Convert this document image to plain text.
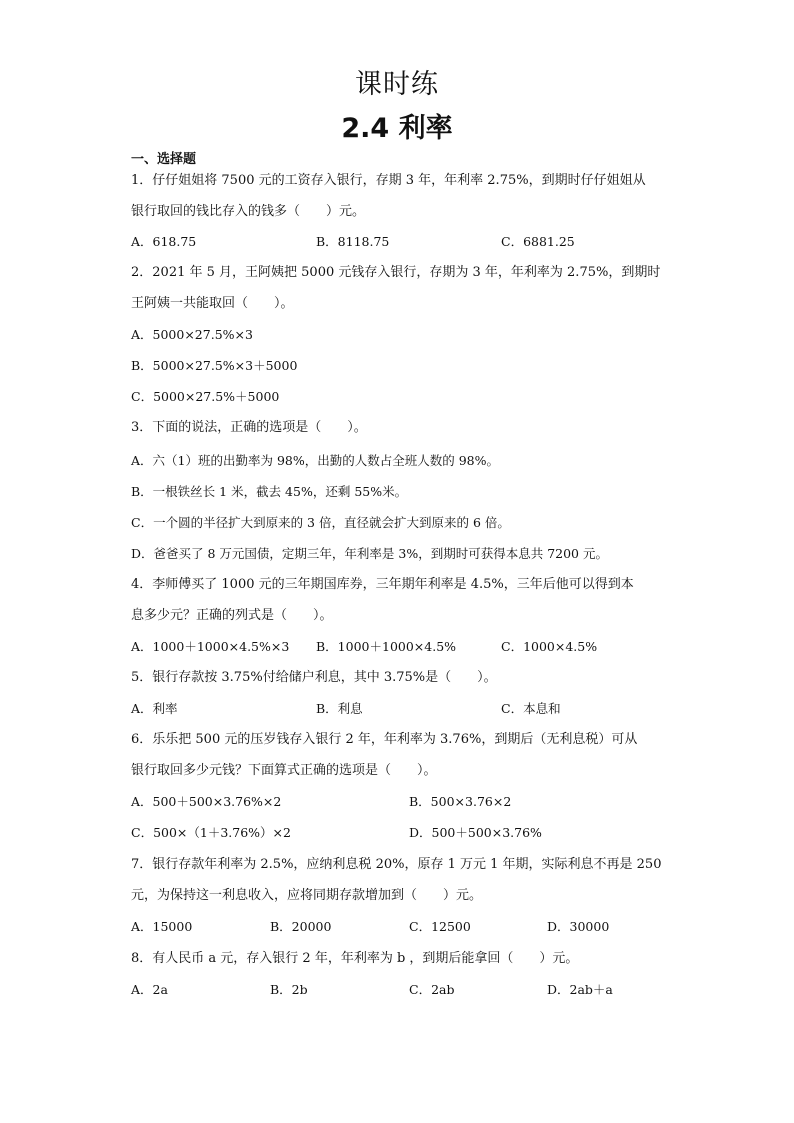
课时练
2.4 利率
一、选择题
1．仔仔姐姐将 7500 元的工资存入银行，存期 3 年，年利率 2.75%，到期时仔仔姐姐从
银行取回的钱比存入的钱多（　　）元。
A．618.75	B．8118.75	C．6881.25
2．2021 年 5 月，王阿姨把 5000 元钱存入银行，存期为 3 年，年利率为 2.75%，到期时
王阿姨一共能取回（　　）。
A．5000×27.5%×3
B．5000×27.5%×3＋5000
C．5000×27.5%＋5000
3．下面的说法，正确的选项是（　　）。
A．六（1）班的出勤率为 98%，出勤的人数占全班人数的 98%。
B．一根铁丝长 1 米，截去 45%，还剩 55%米。
C．一个圆的半径扩大到原来的 3 倍，直径就会扩大到原来的 6 倍。
D．爸爸买了 8 万元国债，定期三年，年利率是 3%，到期时可获得本息共 7200 元。
4．李师傅买了 1000 元的三年期国库券，三年期年利率是 4.5%，三年后他可以得到本
息多少元？正确的列式是（　　）。
A．1000＋1000×4.5%×3 B．1000＋1000×4.5%	C．1000×4.5%
5．银行存款按 3.75%付给储户利息，其中 3.75%是（　　）。
A．利率	B．利息	C．本息和
6．乐乐把 500 元的压岁钱存入银行 2 年，年利率为 3.76%，到期后（无利息税）可从
银行取回多少元钱？下面算式正确的选项是（　　）。
A．500＋500×3.76%×2	B．500×3.76×2
C．500×（1＋3.76%）×2	D．500＋500×3.76%
7．银行存款年利率为 2.5%，应纳利息税 20%，原存 1 万元 1 年期，实际利息不再是 250
元，为保持这一利息收入，应将同期存款增加到（　　）元。
A．15000	B．20000	C．12500	D．30000
8．有人民币 a 元，存入银行 2 年，年利率为 b ，到期后能拿回（　　）元。
A．2a	B．2b	C．2ab	D．2ab＋a
